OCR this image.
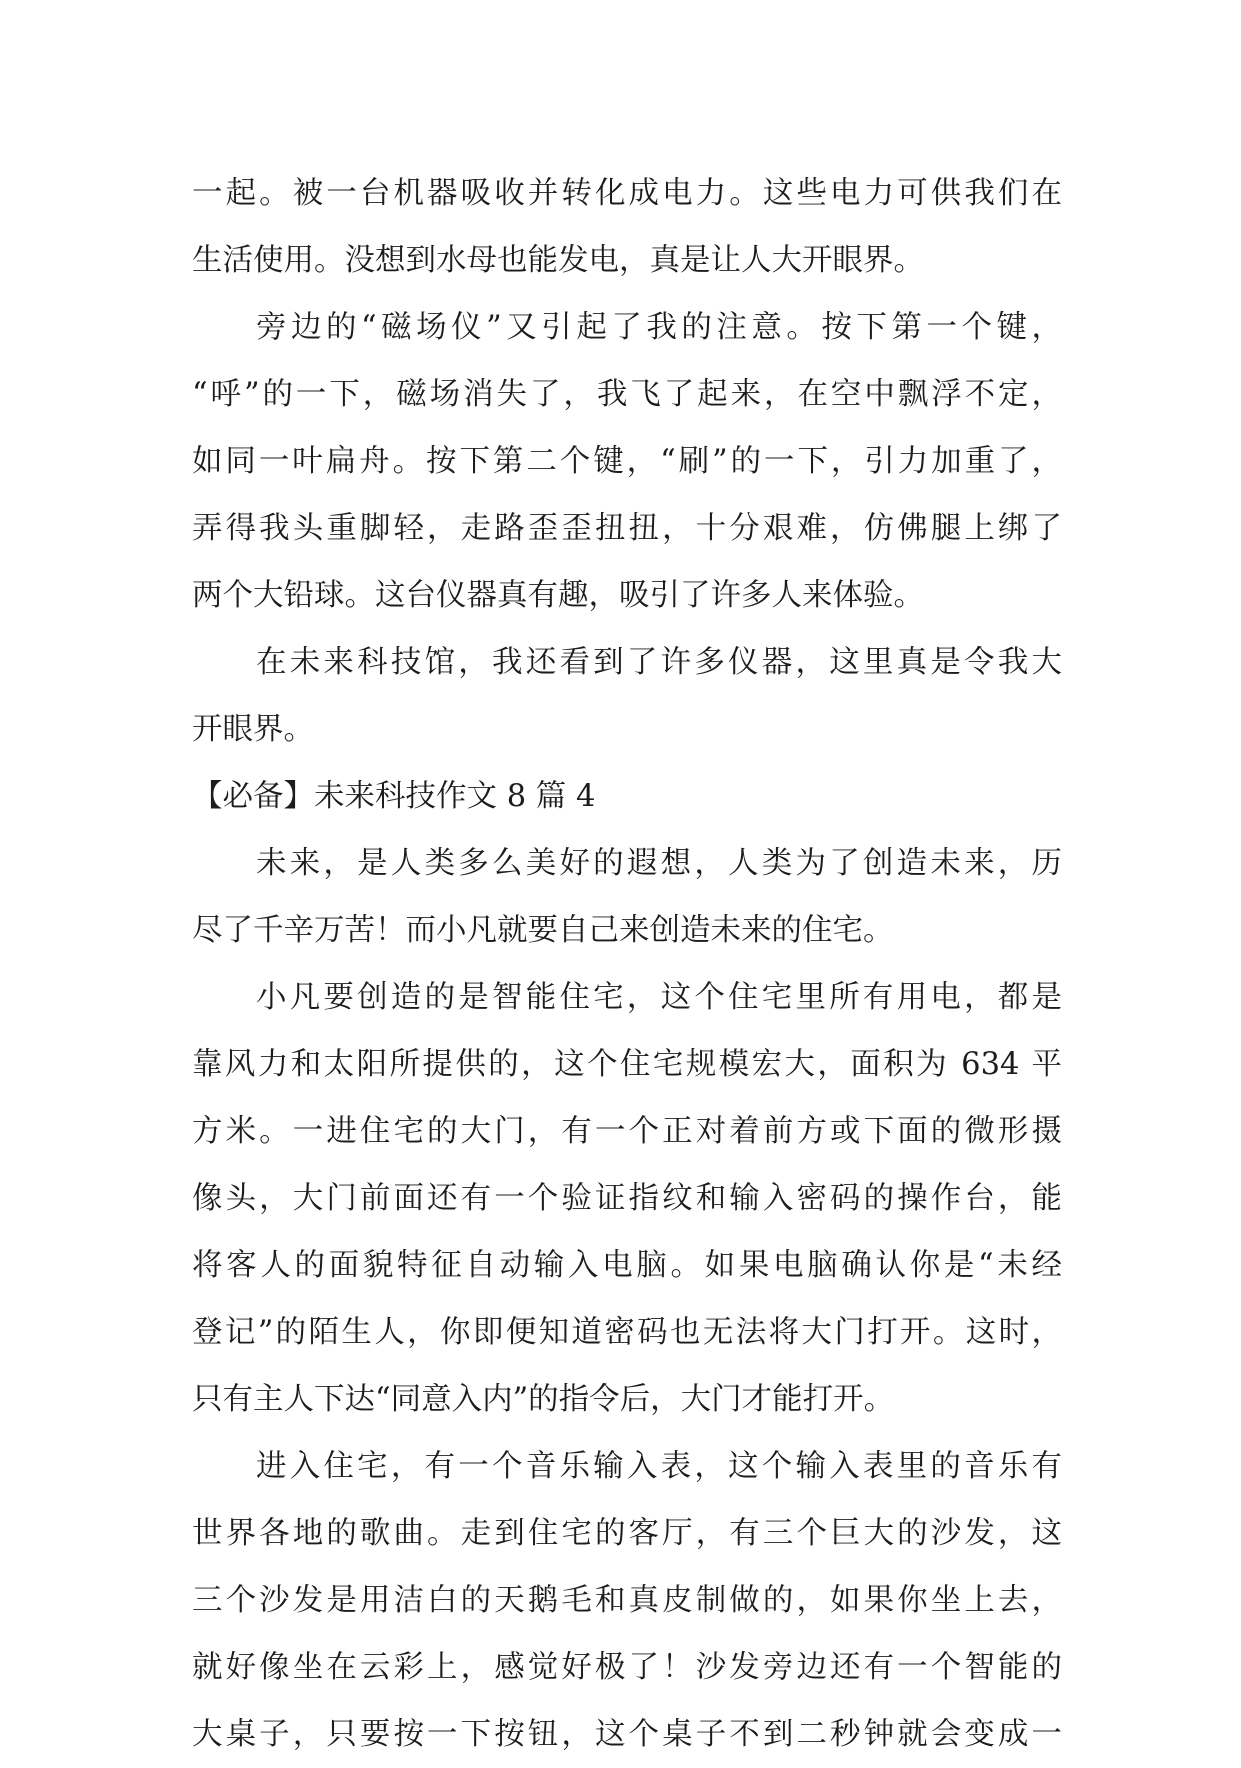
一起。被一台机器吸收并转化成电力。这些电力可供我们在
生活使用。没想到水母也能发电，真是让人大开眼界。
旁边的“磁场仪”又引起了我的注意。按下第一个键，
“呼”的一下，磁场消失了，我飞了起来，在空中飘浮不定，
如同一叶扁舟。按下第二个键，“刷”的一下，引力加重了，
弄得我头重脚轻，走路歪歪扭扭，十分艰难，仿佛腿上绑了
两个大铅球。这台仪器真有趣，吸引了许多人来体验。
在未来科技馆，我还看到了许多仪器，这里真是令我大
开眼界。
【必备】未来科技作文 8 篇 4
未来，是人类多么美好的遐想，人类为了创造未来，历
尽了千辛万苦！而小凡就要自己来创造未来的住宅。
小凡要创造的是智能住宅，这个住宅里所有用电，都是
靠风力和太阳所提供的，这个住宅规模宏大，面积为 634 平
方米。一进住宅的大门，有一个正对着前方或下面的微形摄
像头，大门前面还有一个验证指纹和输入密码的操作台，能
将客人的面貌特征自动输入电脑。如果电脑确认你是“未经
登记”的陌生人，你即便知道密码也无法将大门打开。这时，
只有主人下达“同意入内”的指令后，大门才能打开。
进入住宅，有一个音乐输入表，这个输入表里的音乐有
世界各地的歌曲。走到住宅的客厅，有三个巨大的沙发，这
三个沙发是用洁白的天鹅毛和真皮制做的，如果你坐上去，
就好像坐在云彩上，感觉好极了！沙发旁边还有一个智能的
大桌子，只要按一下按钮，这个桌子不到二秒钟就会变成一
